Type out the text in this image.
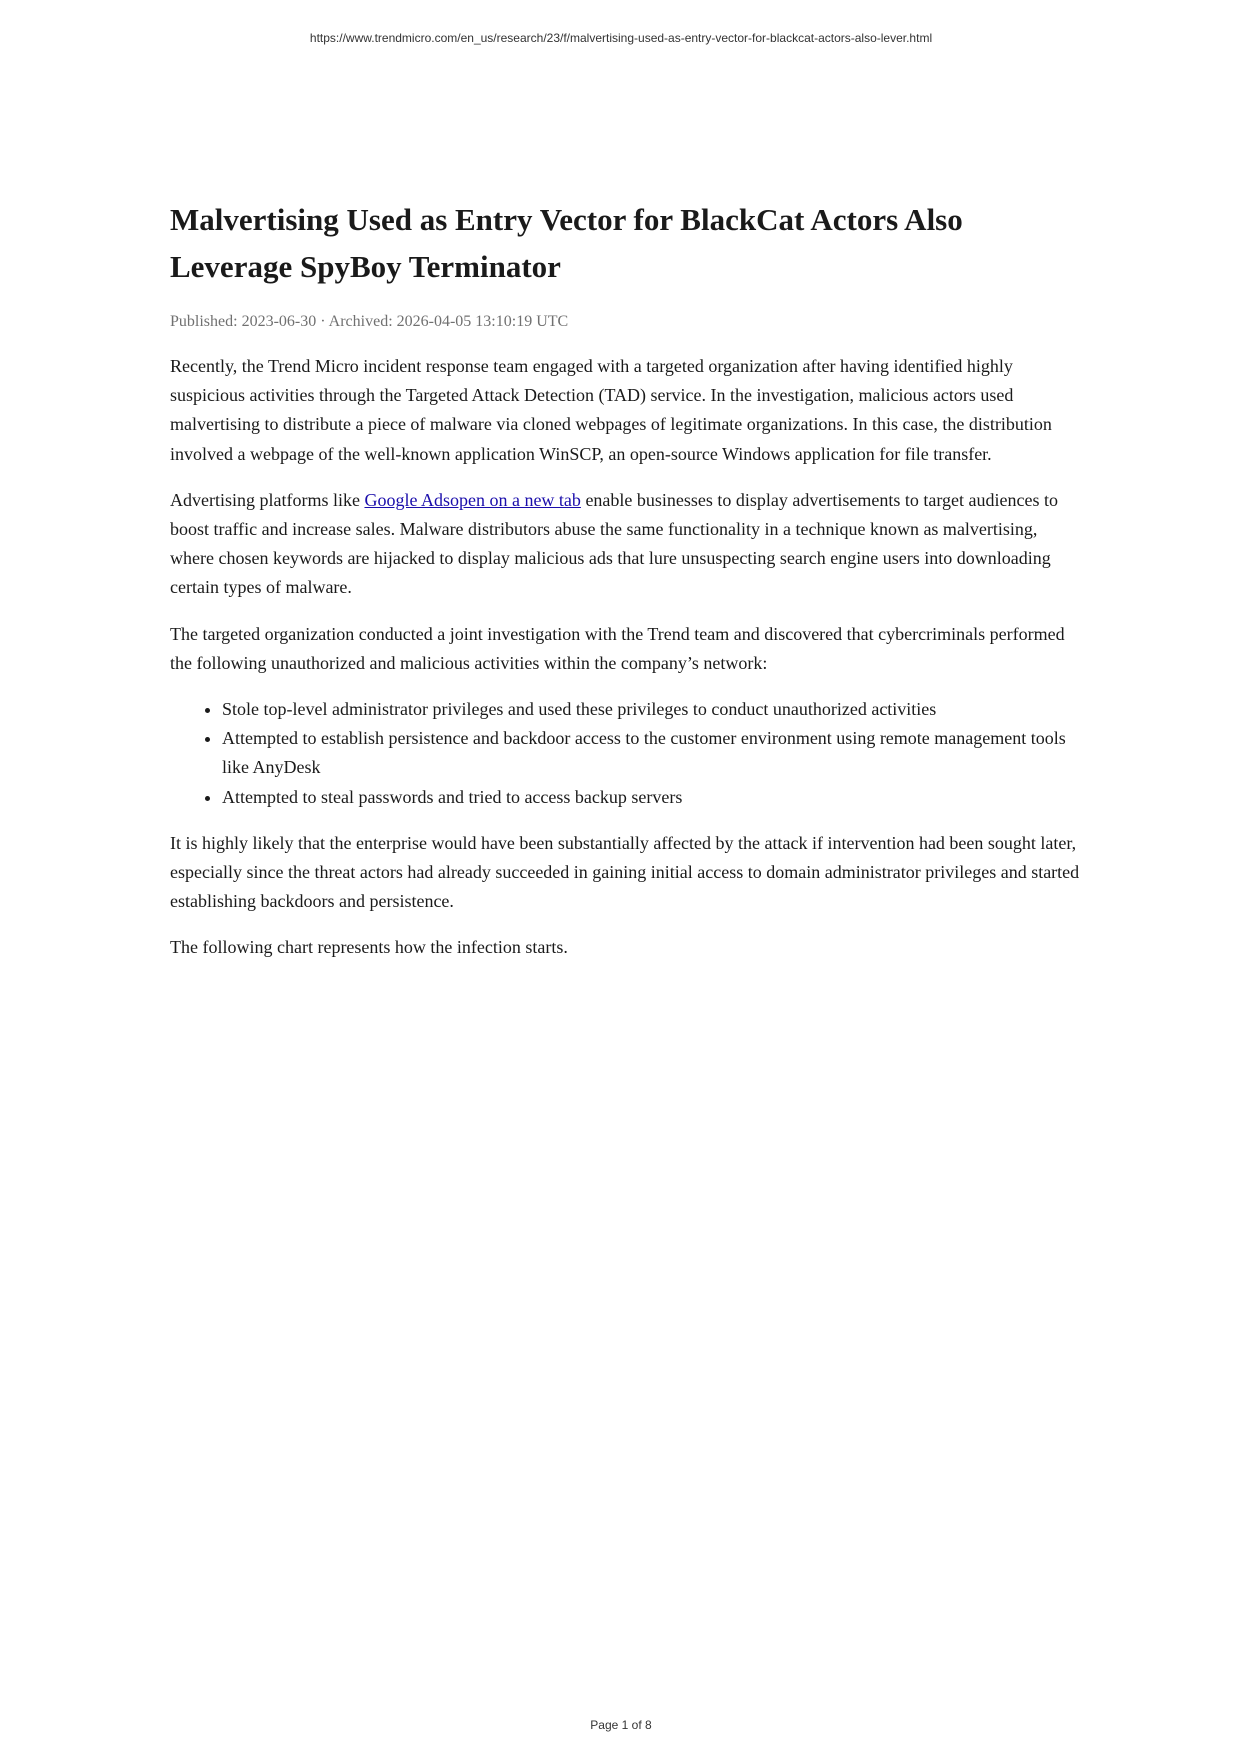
https://www.trendmicro.com/en_us/research/23/f/malvertising-used-as-entry-vector-for-blackcat-actors-also-lever.html
Malvertising Used as Entry Vector for BlackCat Actors Also Leverage SpyBoy Terminator

Published: 2023-06-30 · Archived: 2026-04-05 13:10:19 UTC

Recently, the Trend Micro incident response team engaged with a targeted organization after having identified highly suspicious activities through the Targeted Attack Detection (TAD) service. In the investigation, malicious actors used malvertising to distribute a piece of malware via cloned webpages of legitimate organizations. In this case, the distribution involved a webpage of the well-known application WinSCP, an open-source Windows application for file transfer.

Advertising platforms like Google Adsopen on a new tab enable businesses to display advertisements to target audiences to boost traffic and increase sales. Malware distributors abuse the same functionality in a technique known as malvertising, where chosen keywords are hijacked to display malicious ads that lure unsuspecting search engine users into downloading certain types of malware.

The targeted organization conducted a joint investigation with the Trend team and discovered that cybercriminals performed the following unauthorized and malicious activities within the company’s network:

• Stole top-level administrator privileges and used these privileges to conduct unauthorized activities
• Attempted to establish persistence and backdoor access to the customer environment using remote management tools like AnyDesk
• Attempted to steal passwords and tried to access backup servers

It is highly likely that the enterprise would have been substantially affected by the attack if intervention had been sought later, especially since the threat actors had already succeeded in gaining initial access to domain administrator privileges and started establishing backdoors and persistence.

The following chart represents how the infection starts.

Page 1 of 8
